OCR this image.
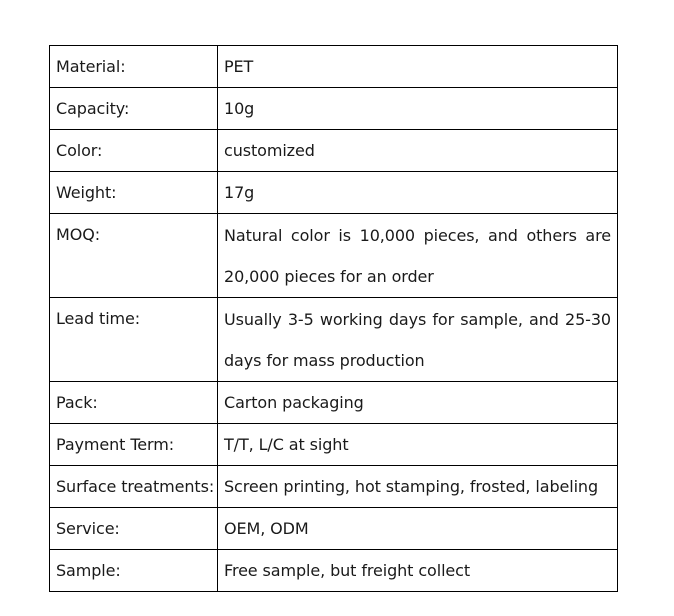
Material:	PET
Capacity:	10g
Color:	customized
Weight:	17g
MOQ:	Natural color is 10,000 pieces, and others are 20,000 pieces for an order
Lead time:	Usually 3-5 working days for sample, and 25-30 days for mass production
Pack:	Carton packaging
Payment Term:	T/T, L/C at sight
Surface treatments:	Screen printing, hot stamping, frosted, labeling
Service:	OEM, ODM
Sample:	Free sample, but freight collect
